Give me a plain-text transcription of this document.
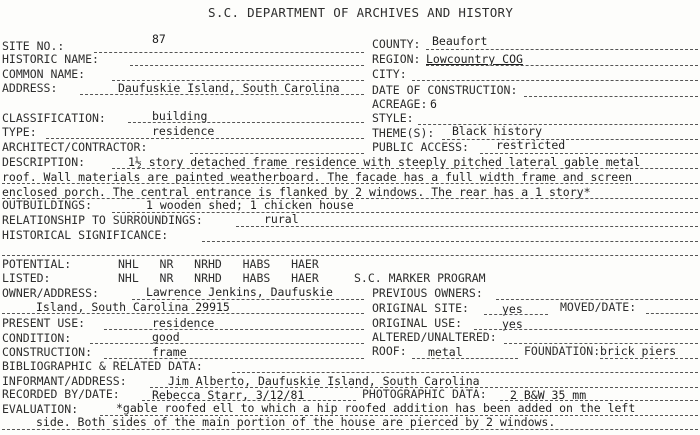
S.C. DEPARTMENT OF ARCHIVES AND HISTORY
SITE NO.:	87	COUNTY: Beaufort
HISTORIC NAME:	REGION: Lowcountry COG
COMMON NAME:	CITY:
ADDRESS:	Daufuskie Island, South Carolina	DATE OF CONSTRUCTION:
ACREAGE: 6
CLASSIFICATION:	building	STYLE:
TYPE:	residence	THEME(S): Black history
ARCHITECT/CONTRACTOR:	PUBLIC ACCESS: restricted
DESCRIPTION:	1½ story detached frame residence with steeply pitched lateral gable metal
roof. Wall materials are painted weatherboard. The facade has a full width frame and screen
enclosed porch. The central entrance is flanked by 2 windows. The rear has a 1 story*
OUTBUILDINGS:	1 wooden shed; 1 chicken house
RELATIONSHIP TO SURROUNDINGS:	rural
HISTORICAL SIGNIFICANCE:
POTENTIAL:	NHL   NR   NRHD   HABS   HAER
LISTED:	NHL   NR   NRHD   HABS   HAER	S.C. MARKER PROGRAM
OWNER/ADDRESS:	Lawrence Jenkins, Daufuskie
Island, South Carolina 29915
PREVIOUS OWNERS:
ORIGINAL SITE:	yes	MOVED/DATE:
PRESENT USE:	residence	ORIGINAL USE:	yes
CONDITION:	good	ALTERED/UNALTERED:
CONSTRUCTION:	frame	ROOF: metal	FOUNDATION: brick piers
BIBLIOGRAPHIC & RELATED DATA:
INFORMANT/ADDRESS:	Jim Alberto, Daufuskie Island, South Carolina
RECORDED BY/DATE:	Rebecca Starr, 3/12/81	PHOTOGRAPHIC DATA: 2 B&W 35 mm
EVALUATION:	*gable roofed ell to which a hip roofed addition has been added on the left
side. Both sides of the main portion of the house are pierced by 2 windows.
